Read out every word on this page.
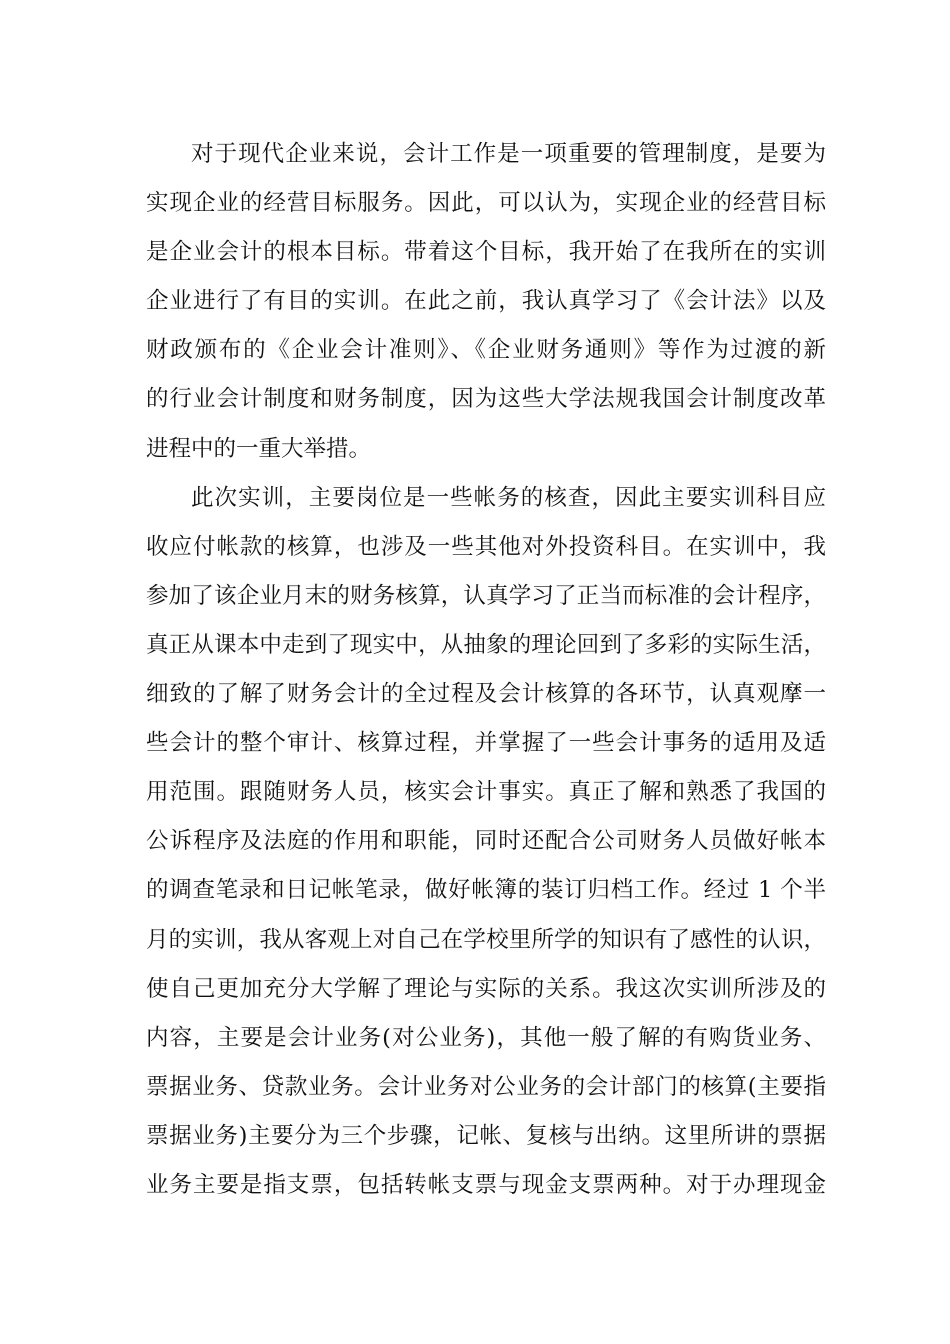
对于现代企业来说，会计工作是一项重要的管理制度，是要为
实现企业的经营目标服务。因此，可以认为，实现企业的经营目标
是企业会计的根本目标。带着这个目标，我开始了在我所在的实训
企业进行了有目的实训。在此之前，我认真学习了《会计法》以及
财政颁布的《企业会计准则》、《企业财务通则》等作为过渡的新
的行业会计制度和财务制度，因为这些大学法规我国会计制度改革
进程中的一重大举措。
此次实训，主要岗位是一些帐务的核查，因此主要实训科目应
收应付帐款的核算，也涉及一些其他对外投资科目。在实训中，我
参加了该企业月末的财务核算，认真学习了正当而标准的会计程序，
真正从课本中走到了现实中，从抽象的理论回到了多彩的实际生活，
细致的了解了财务会计的全过程及会计核算的各环节，认真观摩一
些会计的整个审计、核算过程，并掌握了一些会计事务的适用及适
用范围。跟随财务人员，核实会计事实。真正了解和熟悉了我国的
公诉程序及法庭的作用和职能，同时还配合公司财务人员做好帐本
的调查笔录和日记帐笔录，做好帐簿的装订归档工作。经过 1 个半
月的实训，我从客观上对自己在学校里所学的知识有了感性的认识，
使自己更加充分大学解了理论与实际的关系。我这次实训所涉及的
内容，主要是会计业务(对公业务)，其他一般了解的有购货业务、
票据业务、贷款业务。会计业务对公业务的会计部门的核算(主要指
票据业务)主要分为三个步骤，记帐、复核与出纳。这里所讲的票据
业务主要是指支票，包括转帐支票与现金支票两种。对于办理现金
